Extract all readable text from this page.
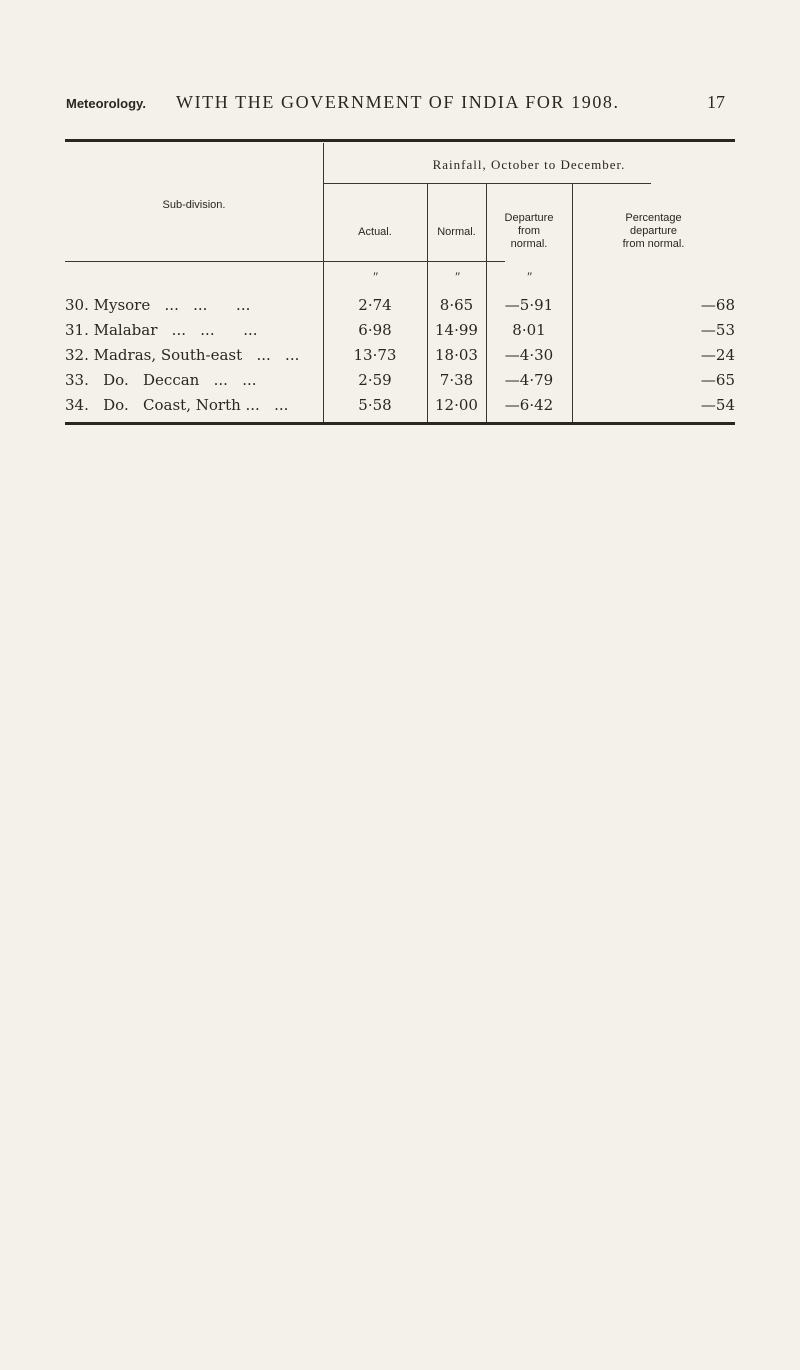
Meteorology. WITH THE GOVERNMENT OF INDIA FOR 1908.	17
Rainfall, October to December.
Sub-division.
Actual.	Normal.
Departure
from
normal.
Percentage
departure
from normal.
″	″	″
30. Mysore   ...   ...      ...	2·74	8·65	—5·91	—68
31. Malabar   ...   ...      ...	6·98	14·99	8·01	—53
32. Madras, South-east   ...   ...	13·73	18·03	—4·30	—24
33.   Do.   Deccan   ...   ...	2·59	7·38	—4·79	—65
34.   Do.   Coast, North ...   ...	5·58	12·00	—6·42	—54
